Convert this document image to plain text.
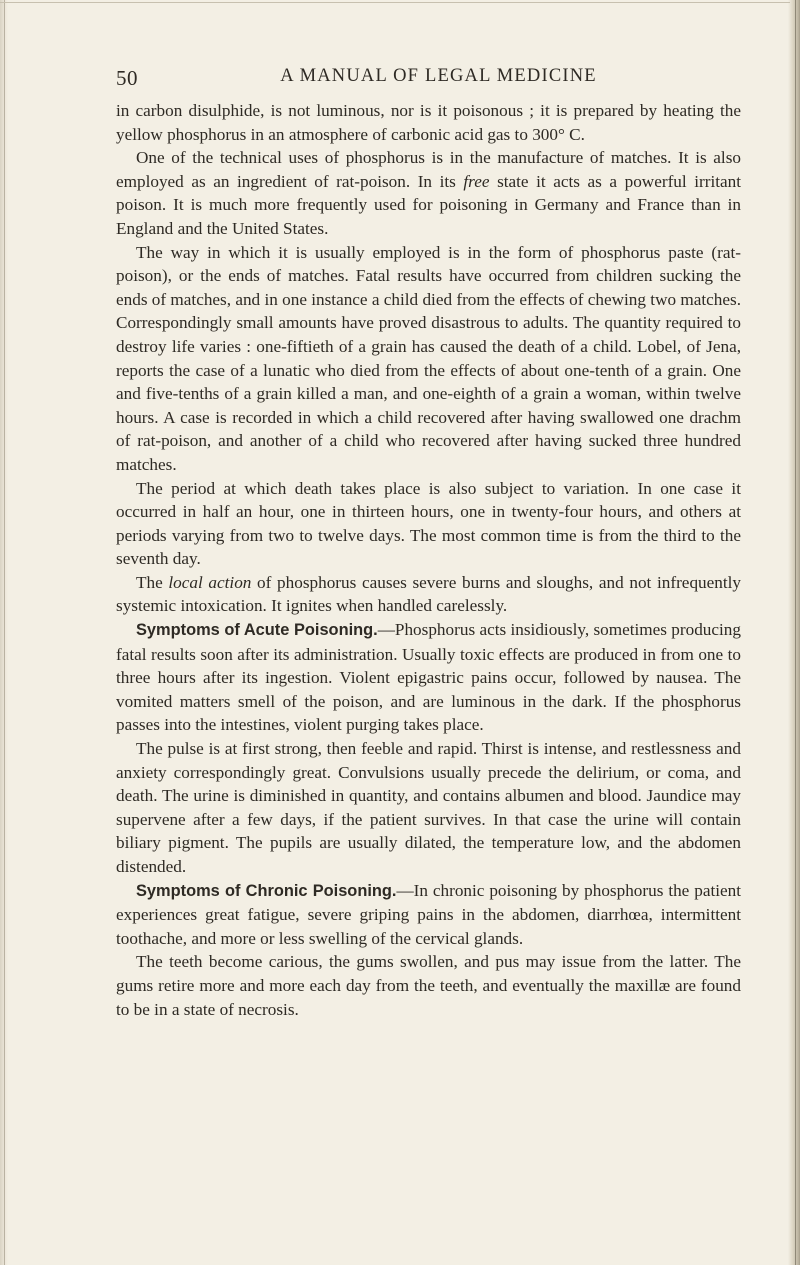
50	A MANUAL OF LEGAL MEDICINE

in carbon disulphide, is not luminous, nor is it poisonous ; it is prepared by heating the yellow phosphorus in an atmosphere of carbonic acid gas to 300° C.

One of the technical uses of phosphorus is in the manufacture of matches. It is also employed as an ingredient of rat-poison. In its free state it acts as a powerful irritant poison. It is much more frequently used for poisoning in Germany and France than in England and the United States.

The way in which it is usually employed is in the form of phosphorus paste (rat-poison), or the ends of matches. Fatal results have occurred from children sucking the ends of matches, and in one instance a child died from the effects of chewing two matches. Correspondingly small amounts have proved disastrous to adults. The quantity required to destroy life varies : one-fiftieth of a grain has caused the death of a child. Lobel, of Jena, reports the case of a lunatic who died from the effects of about one-tenth of a grain. One and five-tenths of a grain killed a man, and one-eighth of a grain a woman, within twelve hours. A case is recorded in which a child recovered after having swallowed one drachm of rat-poison, and another of a child who recovered after having sucked three hundred matches.

The period at which death takes place is also subject to variation. In one case it occurred in half an hour, one in thirteen hours, one in twenty-four hours, and others at periods varying from two to twelve days. The most common time is from the third to the seventh day.

The local action of phosphorus causes severe burns and sloughs, and not infrequently systemic intoxication. It ignites when handled carelessly.

Symptoms of Acute Poisoning.—Phosphorus acts insidiously, sometimes producing fatal results soon after its administration. Usually toxic effects are produced in from one to three hours after its ingestion. Violent epigastric pains occur, followed by nausea. The vomited matters smell of the poison, and are luminous in the dark. If the phosphorus passes into the intestines, violent purging takes place.

The pulse is at first strong, then feeble and rapid. Thirst is intense, and restlessness and anxiety correspondingly great. Convulsions usually precede the delirium, or coma, and death. The urine is diminished in quantity, and contains albumen and blood. Jaundice may supervene after a few days, if the patient survives. In that case the urine will contain biliary pigment. The pupils are usually dilated, the temperature low, and the abdomen distended.

Symptoms of Chronic Poisoning.—In chronic poisoning by phosphorus the patient experiences great fatigue, severe griping pains in the abdomen, diarrhœa, intermittent toothache, and more or less swelling of the cervical glands.

The teeth become carious, the gums swollen, and pus may issue from the latter. The gums retire more and more each day from the teeth, and eventually the maxillæ are found to be in a state of necrosis.
